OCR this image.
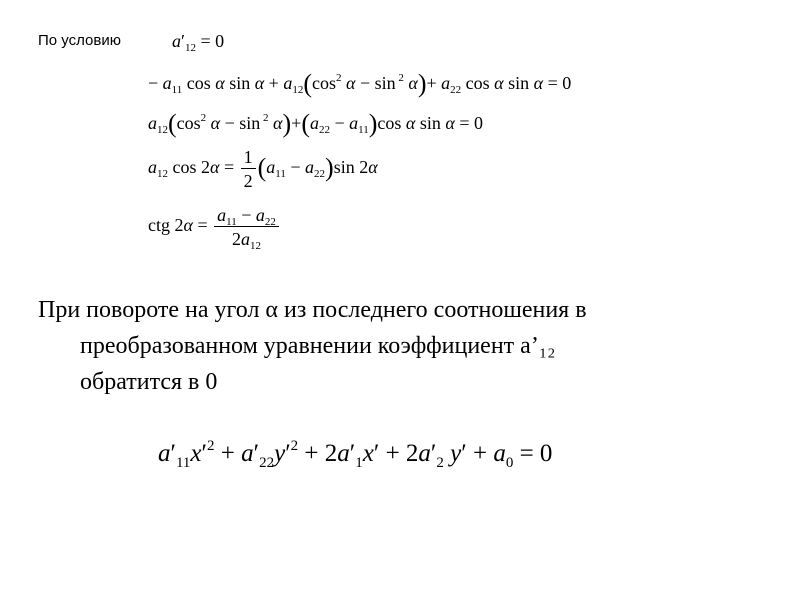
По условию	$a'_{12} = 0$
− $a_{11}$ cos α $\sin \alpha + a_{12}(\cos^2$ α − sin $^2$ $\alpha)+ a_{22}$ cos α sin α = 0
$a_{12}(\cos^2$ α − sin $^2$ $\alpha)+(a_{22} - a_{11})\cos$ α sin α = 0
$a_{12}$ $\cos 2\alpha = \frac{1}{2} (a_{11} - a_{22})\sin$ 2α
ctg $2\alpha = \frac{a_{11} - a_{22}}{2a_{12}}$
При повороте на угол α из последнего соотношения в
преобразованном уравнении коэффициент a’₁₂
обратится в 0
$a'_{11}x'^2 + a'_{22}y'^2 + 2a'_1x' + 2a'_2$ $y' + a_0 = 0$
